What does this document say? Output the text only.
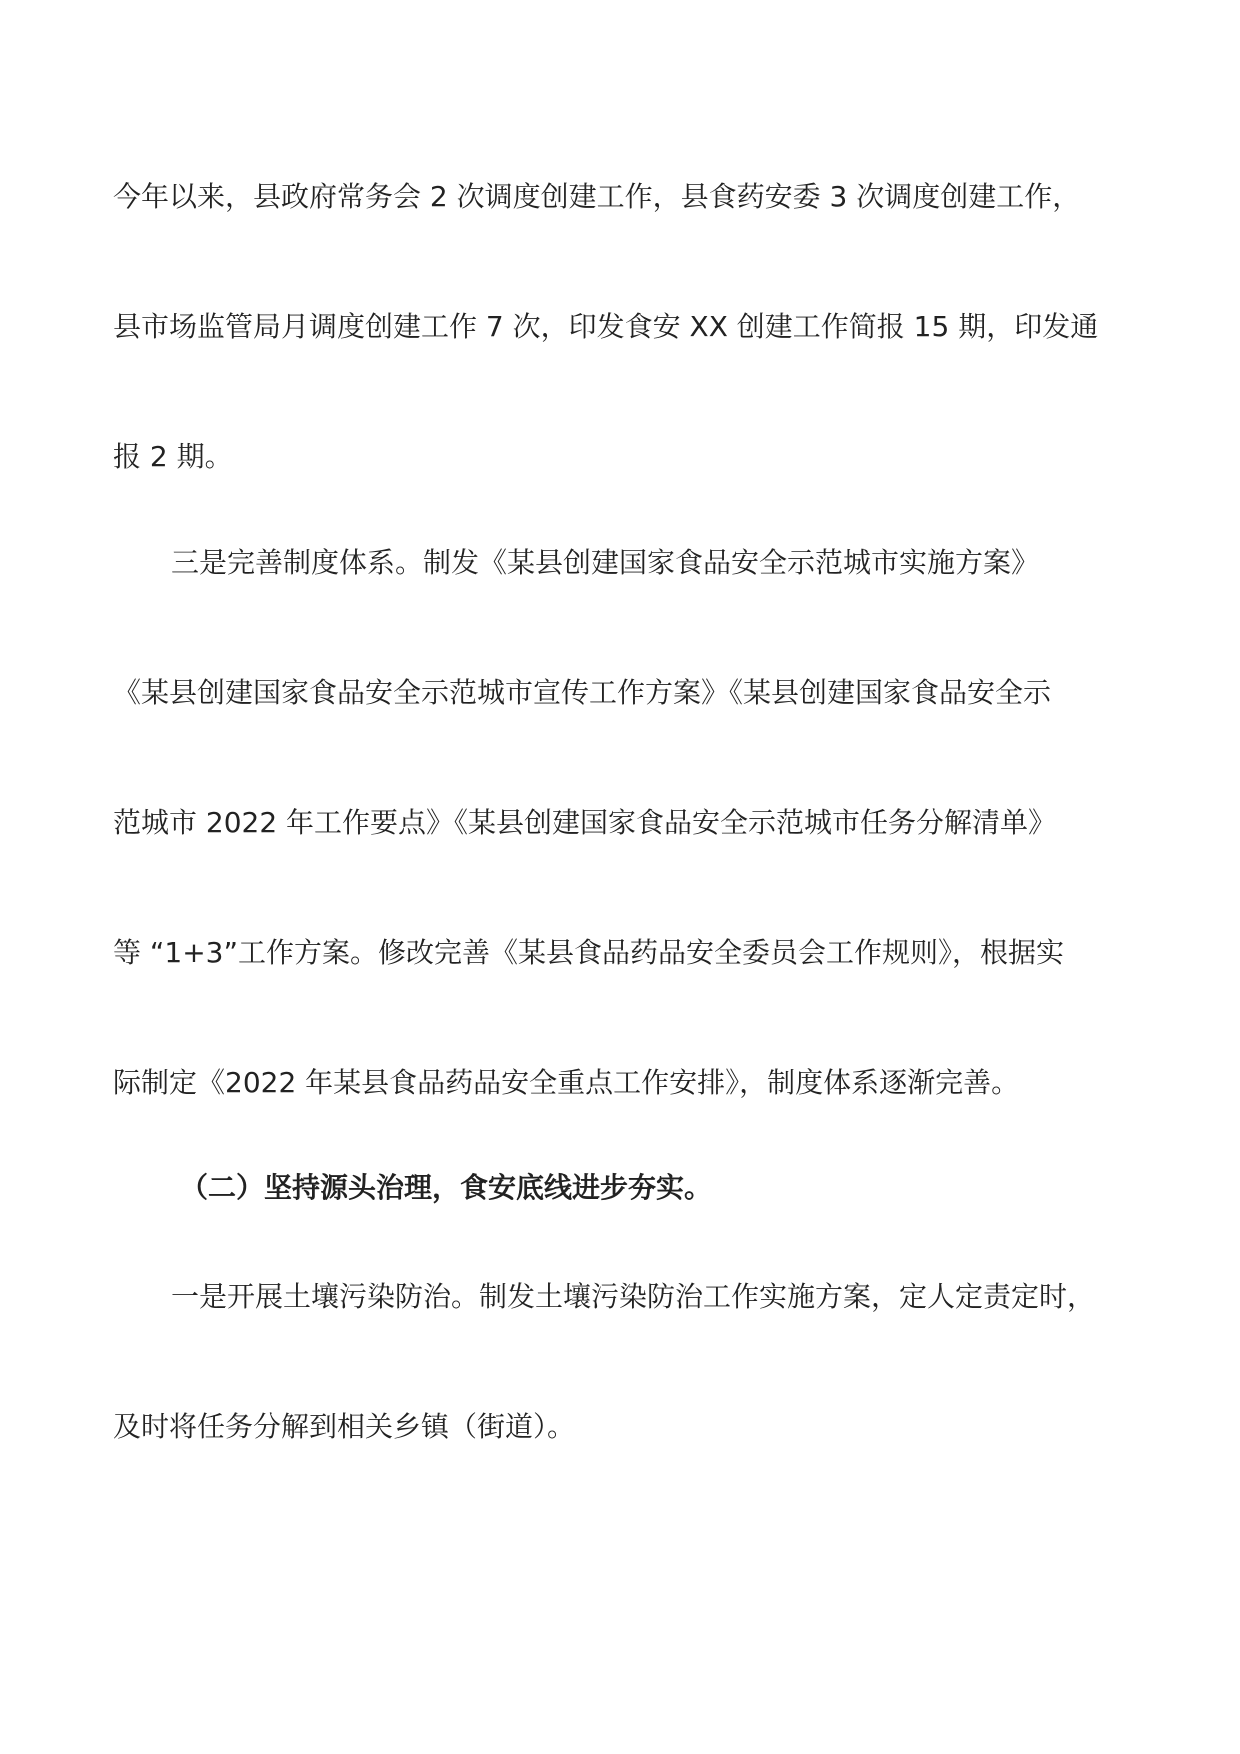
今年以来，县政府常务会 2 次调度创建工作，县食药安委 3 次调度创建工作，
县市场监管局月调度创建工作 7 次，印发食安 XX 创建工作简报 15 期，印发通
报 2 期。
三是完善制度体系。制发《某县创建国家食品安全示范城市实施方案》
《某县创建国家食品安全示范城市宣传工作方案》《某县创建国家食品安全示
范城市 2022 年工作要点》《某县创建国家食品安全示范城市任务分解清单》
等 “1+3”工作方案。修改完善《某县食品药品安全委员会工作规则》，根据实
际制定《2022 年某县食品药品安全重点工作安排》，制度体系逐渐完善。
（二）坚持源头治理，食安底线进步夯实。
一是开展土壤污染防治。制发土壤污染防治工作实施方案，定人定责定时，
及时将任务分解到相关乡镇（街道）。
